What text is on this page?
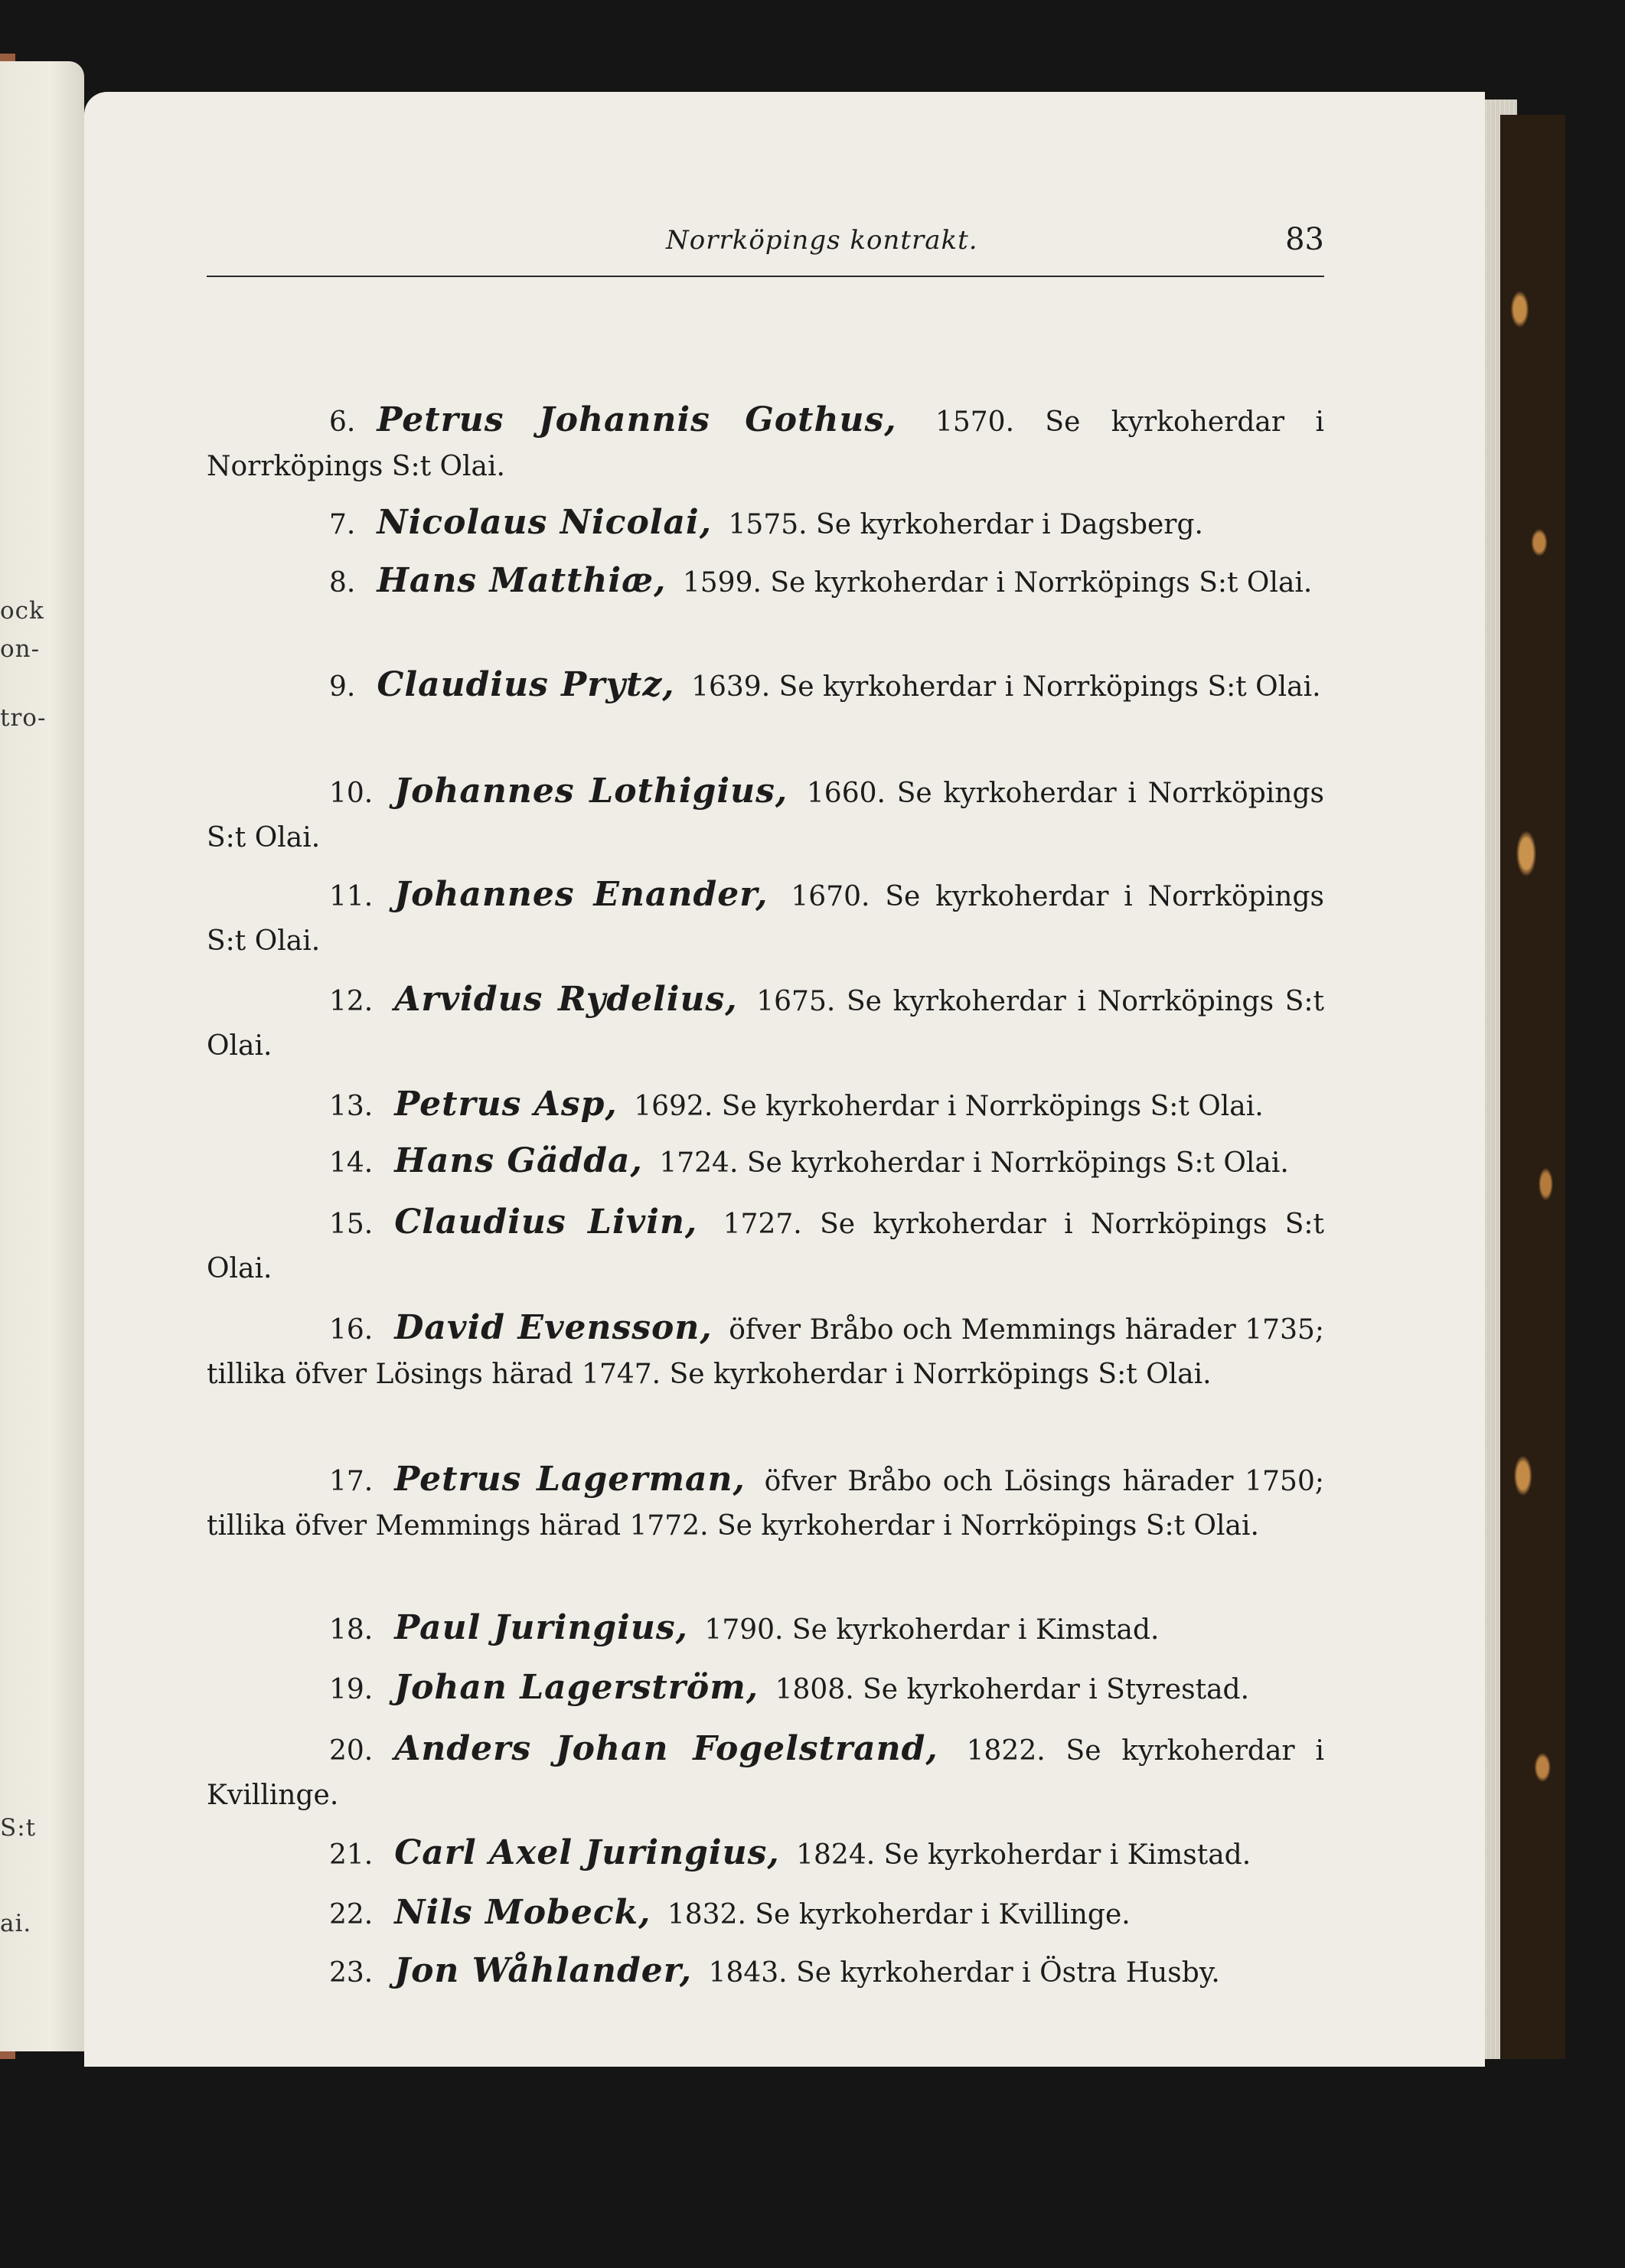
ock
on-
tro-
S:t
ai.
Norrköpings kontrakt.	83

6. Petrus Johannis Gothus, 1570. Se kyrkoherdar i Norrköpings S:t Olai.

7. Nicolaus Nicolai, 1575. Se kyrkoherdar i Dagsberg.

8. Hans Matthiæ, 1599. Se kyrkoherdar i Norrköpings S:t Olai.

9. Claudius Prytz, 1639. Se kyrkoherdar i Norrköpings S:t Olai.

10. Johannes Lothigius, 1660. Se kyrkoherdar i Norrköpings S:t Olai.

11. Johannes Enander, 1670. Se kyrkoherdar i Norrköpings S:t Olai.

12. Arvidus Rydelius, 1675. Se kyrkoherdar i Norrköpings S:t Olai.

13. Petrus Asp, 1692. Se kyrkoherdar i Norrköpings S:t Olai.

14. Hans Gädda, 1724. Se kyrkoherdar i Norrköpings S:t Olai.

15. Claudius Livin, 1727. Se kyrkoherdar i Norrköpings S:t Olai.

16. David Evensson, öfver Bråbo och Memmings härader 1735; tillika öfver Lösings härad 1747. Se kyrkoherdar i Norrköpings S:t Olai.

17. Petrus Lagerman, öfver Bråbo och Lösings härader 1750; tillika öfver Memmings härad 1772. Se kyrkoherdar i Norrköpings S:t Olai.

18. Paul Juringius, 1790. Se kyrkoherdar i Kimstad.

19. Johan Lagerström, 1808. Se kyrkoherdar i Styrestad.

20. Anders Johan Fogelstrand, 1822. Se kyrkoherdar i Kvillinge.

21. Carl Axel Juringius, 1824. Se kyrkoherdar i Kimstad.

22. Nils Mobeck, 1832. Se kyrkoherdar i Kvillinge.

23. Jon Wåhlander, 1843. Se kyrkoherdar i Östra Husby.
